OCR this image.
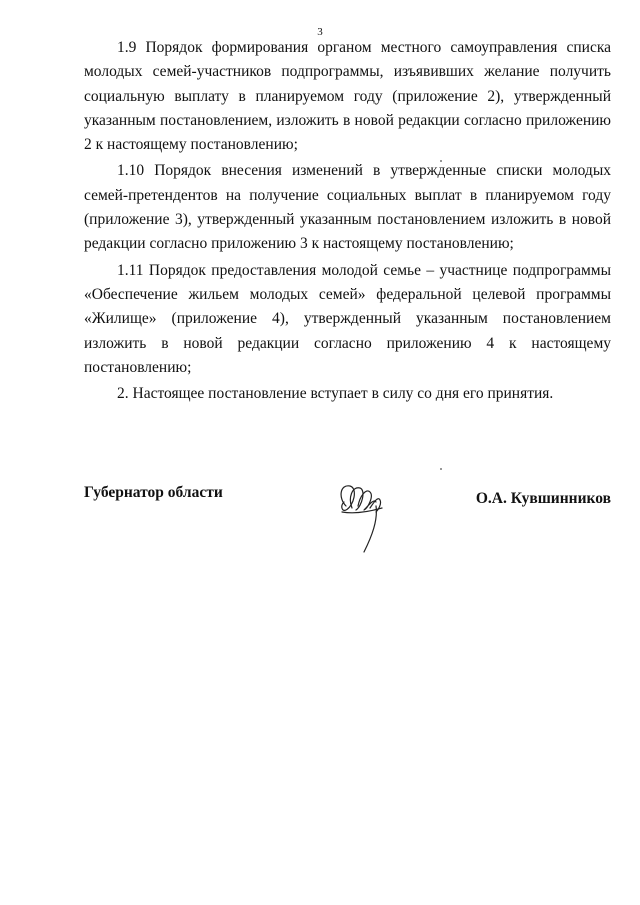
3

1.9 Порядок формирования органом местного самоуправления списка молодых семей-участников подпрограммы, изъявивших желание получить социальную выплату в планируемом году (приложение 2), утвержденный указанным постановлением, изложить в новой редакции согласно приложению 2 к настоящему постановлению;

1.10 Порядок внесения изменений в утвержденные списки молодых семей-претендентов на получение социальных выплат в планируемом году (приложение 3), утвержденный указанным постановлением изложить в новой редакции согласно приложению 3 к настоящему постановлению;

1.11 Порядок предоставления молодой семье – участнице подпрограммы «Обеспечение жильем молодых семей» федеральной целевой программы «Жилище» (приложение 4), утвержденный указанным постановлением изложить в новой редакции согласно приложению 4 к настоящему постановлению;

2. Настоящее постановление вступает в силу со дня его принятия.

Губернатор области	О.А. Кувшинников
